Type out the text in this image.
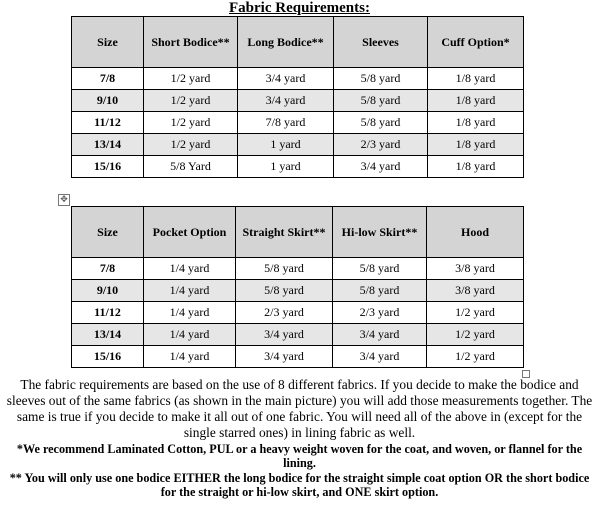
Fabric Requirements:
Size	Short Bodice**	Long Bodice**	Sleeves	Cuff Option*
7/8	1/2 yard	3/4 yard	5/8 yard	1/8 yard
9/10	1/2 yard	3/4 yard	5/8 yard	1/8 yard
11/12	1/2 yard	7/8 yard	5/8 yard	1/8 yard
13/14	1/2 yard	1 yard	2/3 yard	1/8 yard
15/16	5/8 Yard	1 yard	3/4 yard	1/8 yard
✥
Size	Pocket Option	Straight Skirt**	Hi-low Skirt**	Hood
7/8	1/4 yard	5/8 yard	5/8 yard	3/8 yard
9/10	1/4 yard	5/8 yard	5/8 yard	3/8 yard
11/12	1/4 yard	2/3 yard	2/3 yard	1/2 yard
13/14	1/4 yard	3/4 yard	3/4 yard	1/2 yard
15/16	1/4 yard	3/4 yard	3/4 yard	1/2 yard
The fabric requirements are based on the use of 8 different fabrics. If you decide to make the bodice and sleeves out of the same fabrics (as shown in the main picture) you will add those measurements together. The same is true if you decide to make it all out of one fabric. You will need all of the above in (except for the single starred ones) in lining fabric as well.
*We recommend Laminated Cotton, PUL or a heavy weight woven for the coat, and woven, or flannel for the lining.
** You will only use one bodice EITHER the long bodice for the straight simple coat option OR the short bodice for the straight or hi-low skirt, and ONE skirt option.
